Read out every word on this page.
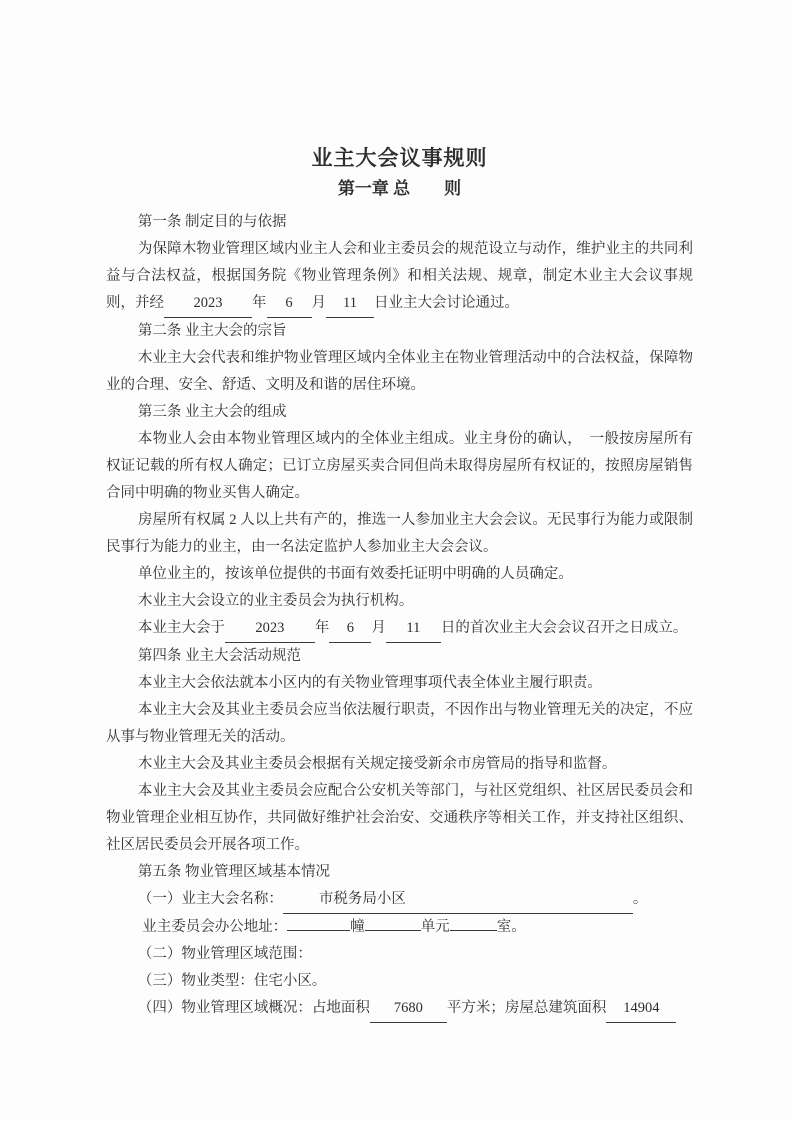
业主大会议事规则
第一章 总　　则

第一条 制定目的与依据

为保障木物业管理区域内业主人会和业主委员会的规范设立与动作，维护业主的共同利益与合法权益，根据国务院《物业管理条例》和相关法规、规章，制定木业主大会议事规则，并经 2023 年 6 月 11 日业主大会讨论通过。

第二条 业主大会的宗旨

木业主大会代表和维护物业管理区域内全体业主在物业管理活动中的合法权益，保障物业的合理、安全、舒适、文明及和谐的居住环境。

第三条 业主大会的组成

本物业人会由本物业管理区域内的全体业主组成。业主身份的确认，　一般按房屋所有权证记载的所有权人确定；已订立房屋买卖合同但尚未取得房屋所有权证的，按照房屋销售合同中明确的物业买售人确定。

房屋所有权属 2 人以上共有产的，推选一人参加业主大会会议。无民事行为能力或限制民事行为能力的业主，由一名法定监护人参加业主大会会议。

单位业主的，按该单位提供的书面有效委托证明中明确的人员确定。

木业主大会设立的业主委员会为执行机构。

本业主大会于 2023 年 6 月 11 日的首次业主大会会议召开之日成立。

第四条 业主大会活动规范

本业主大会依法就本小区内的有关物业管理事项代表全体业主履行职责。

本业主大会及其业主委员会应当依法履行职责，不因作出与物业管理无关的决定，不应从事与物业管理无关的活动。

木业主大会及其业主委员会根据有关规定接受新余市房管局的指导和监督。

本业主大会及其业主委员会应配合公安机关等部门，与社区党组织、社区居民委员会和物业管理企业相互协作，共同做好维护社会治安、交通秩序等相关工作，并支持社区组织、社区居民委员会开展各项工作。

第五条 物业管理区域基本情况

（一）业主大会名称： 市税务局小区	。

业主委员会办公地址：	幢	单元	室。

（二）物业管理区域范围：

（三）物业类型：住宅小区。

（四）物业管理区域概况：占地面积 7680 平方米；房屋总建筑面积 14904
